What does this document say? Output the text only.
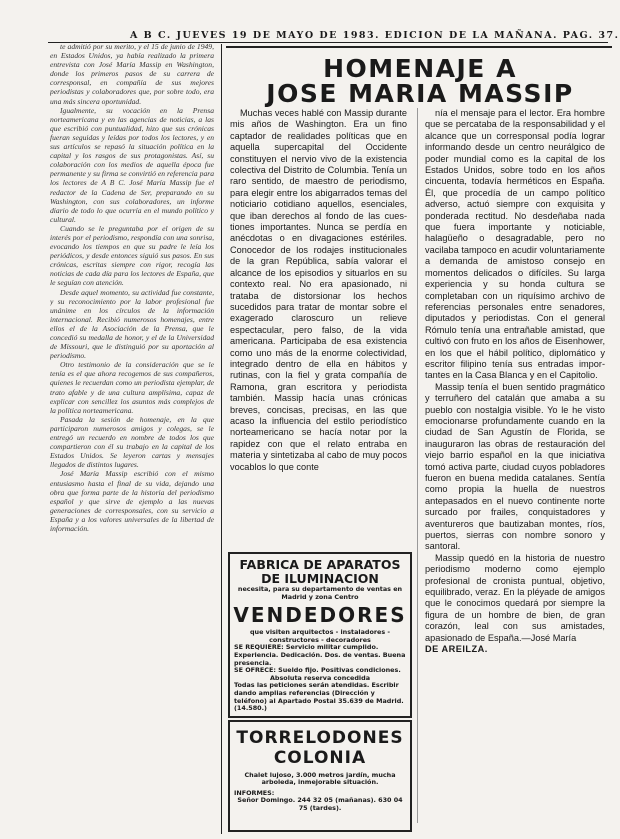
A B C. JUEVES 19 DE MAYO DE 1983. EDICION DE LA MAÑANA. PAG. 37.

te admitió por su merito, y el 15 de junio de 1949, en Estados Unidos, ya había realizado la primera entrevista con José María Massip en Washington, donde los primeros pasos de su carrera de corresponsal, en compañía de sus mejores periodistas y colaboradores que, por sobre todo, era una más sincera oportunidad.

Igualmente, su vocación en la Prensa norteamericana y en las agencias de noticias, a las que escribió con puntualidad, hizo que sus crónicas fueran seguidas y leídas por todos los lectores, y en sus artículos se repasó la situación política en la capital y los rasgos de sus protagonistas. Así, su colaboración con los medios de aquella época fue permanente y su firma se convirtió en referencia para los lectores de A B C. José María Massip fue el redactor de la Cadena de Ser, preparando en su Washington, con sus colaboradores, un informe diario de todo lo que ocurría en el mundo político y cultural.

Cuando se le preguntaba por el origen de su interés por el periodismo, respondía con una sonrisa, evocando los tiempos en que su padre le leía los periódicos, y desde entonces siguió sus pasos. En sus crónicas, escritas siempre con rigor, recogía las noticias de cada día para los lectores de España, que le seguían con atención.

Desde aquel momento, su actividad fue constante, y su reconocimiento por la labor profesional fue unánime en los círculos de la información internacional. Recibió numerosos homenajes, entre ellos el de la Asociación de la Prensa, que le concedió su medalla de honor, y el de la Universidad de Missouri, que le distinguió por su aportación al periodismo.

Otro testimonio de la consideración que se le tenía es el que ahora recogemos de sus compañeros, quienes le recuerdan como un periodista ejemplar, de trato afable y de una cultura amplísima, capaz de explicar con sencillez los asuntos más complejos de la política norteamericana.

Pasada la sesión de homenaje, en la que participaron numerosos amigos y colegas, se le entregó un recuerdo en nombre de todos los que compartieron con él su trabajo en la capital de los Estados Unidos. Se leyeron cartas y mensajes llegados de distintos lugares.

José María Massip escribió con el mismo entusiasmo hasta el final de su vida, dejando una obra que forma parte de la historia del periodismo español y que sirve de ejemplo a las nuevas generaciones de corresponsales, con su servicio a España y a los valores universales de la libertad de información.

HOMENAJE A
JOSE MARIA MASSIP

Muchas veces hablé con Massip durante mis años de Washington. Era un fino captador de realidades políticas que en aquella supercapital del Occidente constituyen el nervio vivo de la existencia colectiva del Distrito de Columbia. Tenía un raro sentido, de maestro de periodismo, para elegir entre los abigarrados temas del noticiario cotidiano aquellos, esenciales, que iban derechos al fondo de las cuestiones importantes. Nunca se perdía en anécdotas o en divagaciones estériles. Conocedor de los rodajes institucionales de la gran República, sabía valorar el alcance de los episodios y situarlos en su contexto real. No era apasionado, ni trataba de distorsionar los hechos sucedidos para tratar de montar sobre el exagerado claroscuro un relieve espectacular, pero falso, de la vida americana. Participaba de esa existencia como uno más de la enorme colectividad, integrado dentro de ella en hábitos y rutinas, con la fiel y grata compañía de Ramona, gran escritora y periodista también. Massip hacía unas crónicas breves, concisas, precisas, en las que acaso la influencia del estilo periodístico norteamericano se hacía notar por la rapidez con que el relato entraba en materia y sintetizaba al cabo de muy pocos vocablos lo que conte

nía el mensaje para el lector. Era hombre que se percataba de la responsabilidad y el alcance que un corresponsal podía lograr informando desde un centro neurálgico de poder mundial como es la capital de los Estados Unidos, sobre todo en los años cincuenta, todavía herméticos en España. Él, que procedía de un campo político adverso, actuó siempre con exquisita y ponderada rectitud. No desdeñaba nada que fuera importante y noticiable, halagüeño o desagradable, pero no vacilaba tampoco en acudir voluntariamente a demanda de amistoso consejo en momentos delicados o difíciles. Su larga experiencia y su honda cultura se completaban con un riquísimo archivo de referencias personales entre senadores, diputados y periodistas. Con el general Rómulo tenía una entrañable amistad, que cultivó con fruto en los años de Eisenhower, en los que el hábil político, diplomático y escritor filipino tenía sus entradas importantes en la Casa Blanca y en el Capitolio.

Massip tenía el buen sentido pragmático y terruñero del catalán que amaba a su pueblo con nostalgia visible. Yo le he visto emocionarse profundamente cuando en la ciudad de San Agustín de Florida, se inauguraron las obras de restauración del viejo barrio español en la que iniciativa tomó activa parte, ciudad cuyos pobladores fueron en buena medida catalanes. Sentía como propia la huella de nuestros antepasados en el nuevo continente norte surcado por frailes, conquistadores y aventureros que bautizaban montes, ríos, puertos, sierras con nombre sonoro y santoral.

Massip quedó en la historia de nuestro periodismo moderno como ejemplo profesional de cronista puntual, objetivo, equilibrado, veraz. En la pléyade de amigos que le conocimos quedará por siempre la figura de un hombre de bien, de gran corazón, leal con sus amistades, apasionado de España.—José María

DE AREILZA.
FABRICA DE APARATOS
DE ILUMINACION
necesita, para su departamento de ventas en Madrid y zona Centro
VENDEDORES
que visiten arquitectos - instaladores - constructores - decoradores
SE REQUIERE: Servicio militar cumplido. Experiencia. Dedicación. Dos. de ventas. Buena presencia.
SE OFRECE: Sueldo fijo. Positivas condiciones.
Absoluta reserva concedida
Todas las peticiones serán atendidas. Escribir dando amplias referencias (Dirección y teléfono) al Apartado Postal 35.639 de Madrid. (14.580.)
TORRELODONES
COLONIA
Chalet lujoso, 3.000 metros jardín, mucha arboleda, inmejorable situación.
INFORMES:
Señor Domingo. 244 32 05 (mañanas). 630 04 75 (tardes).
